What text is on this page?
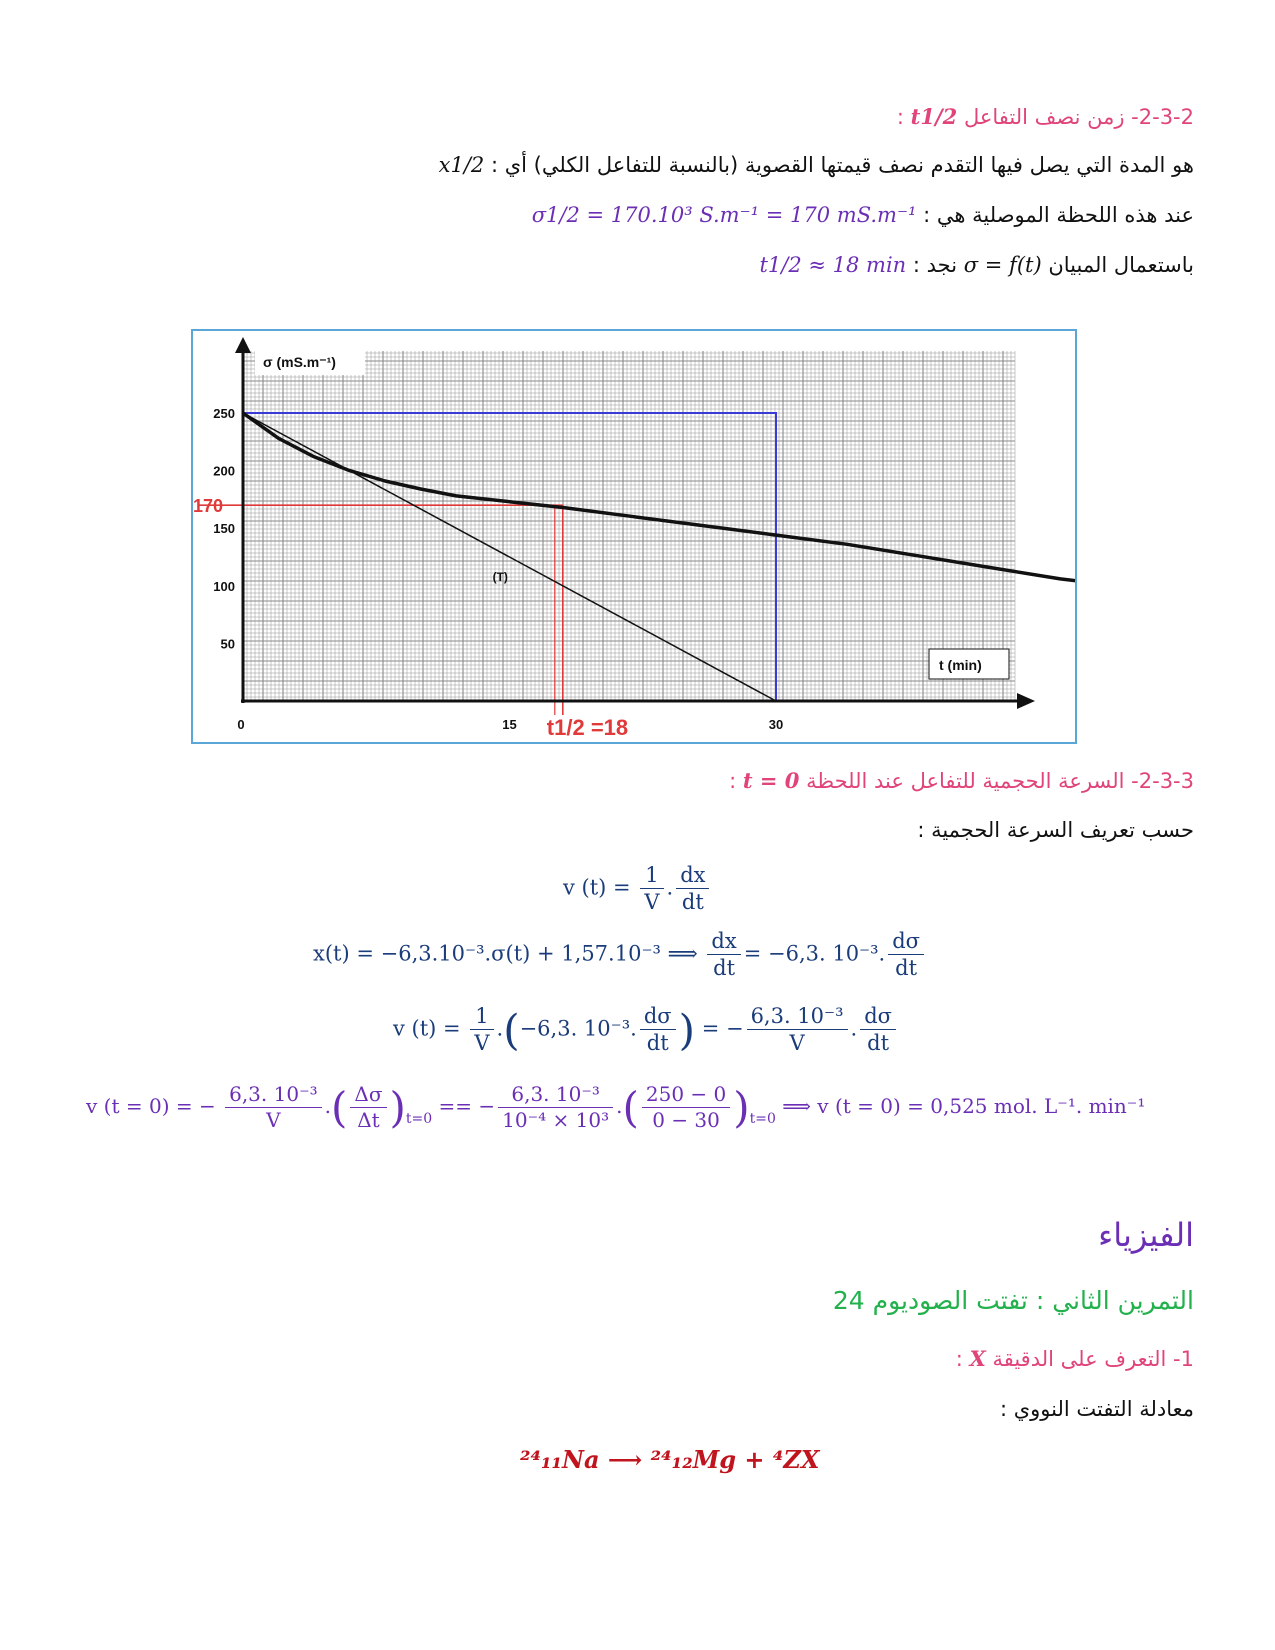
2-3-2- زمن نصف التفاعل t1/2 :
هو المدة التي يصل فيها التقدم نصف قيمتها القصوية (بالنسبة للتفاعل الكلي) أي : x1/2
عند هذه اللحظة الموصلية هي : σ1/2 = 170.10³ S.m⁻¹ = 170 mS.m⁻¹
باستعمال المبيان σ = f(t) نجد : t1/2 ≈ 18 min
250
200
150
100
50
0	15	30
σ (mS.m⁻¹)
t (min)
170
t1/2 =18
(T)
2-3-3- السرعة الحجمية للتفاعل عند اللحظة t = 0 :
حسب تعريف السرعة الحجمية :
v $(t) = \frac{1}{V}$ . $\frac{dx}{dt}$
x(t) = −6,3.10⁻³.σ(t) + 1,57.10⁻³ ⟹ $\frac{dx}{dt} = -6,3$. 10⁻³. $\frac{d\sigma}{dt}$
v $(t) = \frac{1}{V} .(-6,3$. 10⁻³. $\frac{d\sigma}{dt}$ ) = − $\frac{\text{6,3. 10⁻³}}{V}$ . $\frac{d\sigma}{dt}$
v (t = 0) = − $\frac{\text{6,3. 10⁻³}}{V}$ .( $\frac{\Delta\sigma}{\Delta t} )_{t=0}$ == − $\frac{\text{6,3. 10⁻³}}{\text{10⁻⁴ × 10³}}$ .( $\frac{250 - 0}{0 - 30} )_{t=0}$ ⟹ v (t = 0) = 0,525 mol. L⁻¹. min⁻¹
الفيزياء
التمرين الثاني : تفتت الصوديوم 24
1- التعرف على الدقيقة X :
معادلة التفتت النووي :
²⁴₁₁Na ⟶ ²⁴₁₂Mg + ⁴ZX
